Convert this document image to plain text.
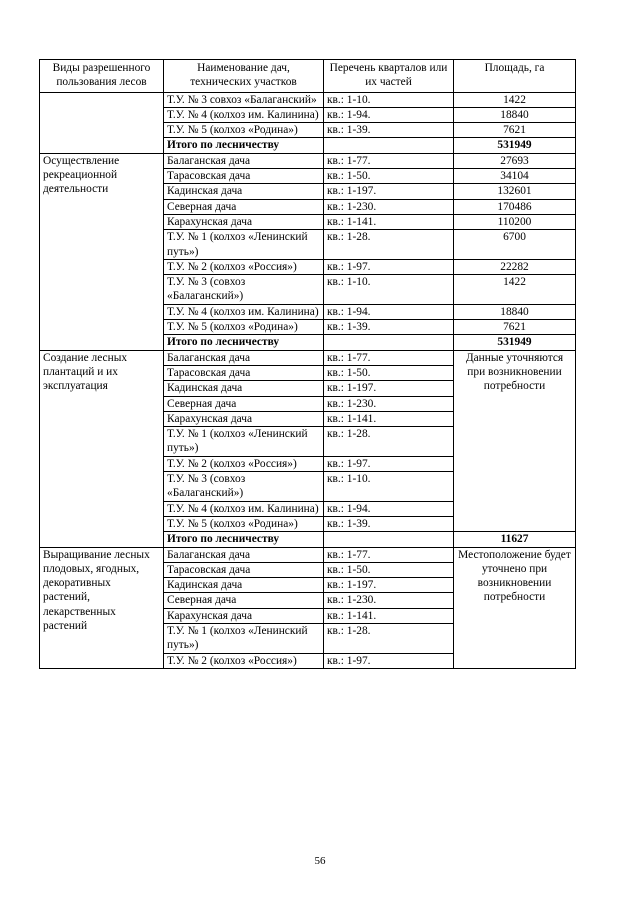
Виды разрешенного пользования лесов	Наименование дач, технических участков	Перечень кварталов или их частей	Площадь, га
	Т.У. № 3 совхоз «Балаганский»	кв.: 1-10.	1422
	Т.У. № 4 (колхоз им. Калинина)	кв.: 1-94.	18840
	Т.У. № 5 (колхоз «Родина»)	кв.: 1-39.	7621
	Итого по лесничеству		531949
Осуществление рекреационной деятельности	Балаганская дача	кв.: 1-77.	27693
	Тарасовская дача	кв.: 1-50.	34104
	Кадинская дача	кв.: 1-197.	132601
	Северная дача	кв.: 1-230.	170486
	Карахунская дача	кв.: 1-141.	110200
	Т.У. № 1 (колхоз «Ленинский путь»)	кв.: 1-28.	6700
	Т.У. № 2 (колхоз «Россия»)	кв.: 1-97.	22282
	Т.У. № 3 (совхоз «Балаганский»)	кв.: 1-10.	1422
	Т.У. № 4 (колхоз им. Калинина)	кв.: 1-94.	18840
	Т.У. № 5 (колхоз «Родина»)	кв.: 1-39.	7621
	Итого по лесничеству		531949
Создание лесных плантаций и их эксплуатация	Балаганская дача	кв.: 1-77.	Данные уточняются при возникновении потребности
	Тарасовская дача	кв.: 1-50.	
	Кадинская дача	кв.: 1-197.	
	Северная дача	кв.: 1-230.	
	Карахунская дача	кв.: 1-141.	
	Т.У. № 1 (колхоз «Ленинский путь»)	кв.: 1-28.	
	Т.У. № 2 (колхоз «Россия»)	кв.: 1-97.	
	Т.У. № 3 (совхоз «Балаганский»)	кв.: 1-10.	
	Т.У. № 4 (колхоз им. Калинина)	кв.: 1-94.	
	Т.У. № 5 (колхоз «Родина»)	кв.: 1-39.	
	Итого по лесничеству		11627
Выращивание лесных плодовых, ягодных, декоративных растений, лекарственных растений	Балаганская дача	кв.: 1-77.	Местоположение будет уточнено при возникновении потребности
	Тарасовская дача	кв.: 1-50.	
	Кадинская дача	кв.: 1-197.	
	Северная дача	кв.: 1-230.	
	Карахунская дача	кв.: 1-141.	
	Т.У. № 1 (колхоз «Ленинский путь»)	кв.: 1-28.	
	Т.У. № 2 (колхоз «Россия»)	кв.: 1-97.	
56
